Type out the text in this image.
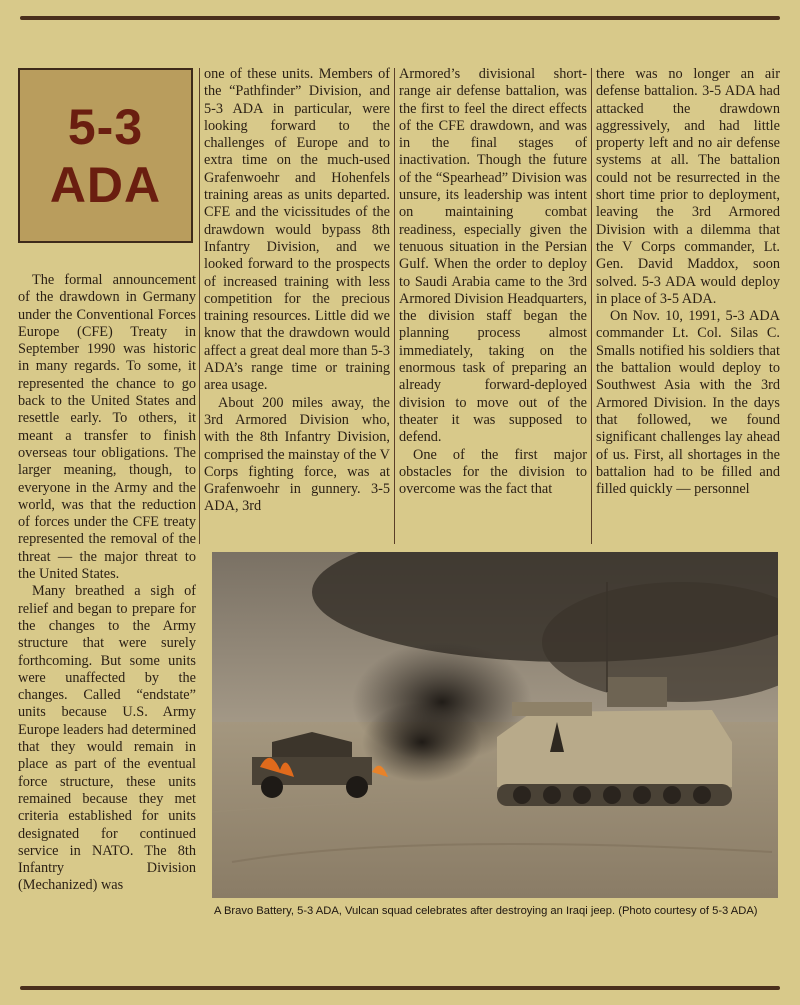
5-3
ADA

The formal announcement of the drawdown in Germany under the Conventional Forces Europe (CFE) Treaty in September 1990 was historic in many regards. To some, it represented the chance to go back to the United States and resettle early. To others, it meant a transfer to finish overseas tour obligations. The larger meaning, though, to everyone in the Army and the world, was that the reduction of forces under the CFE treaty represented the removal of the threat — the major threat to the United States.

Many breathed a sigh of relief and began to prepare for the changes to the Army structure that were surely forthcoming. But some units were unaffected by the changes. Called “endstate” units because U.S. Army Europe leaders had determined that they would remain in place as part of the eventual force structure, these units remained because they met criteria established for units designated for continued service in NATO. The 8th Infantry Division (Mechanized) was

one of these units. Members of the “Pathfinder” Division, and 5-3 ADA in particular, were looking forward to the challenges of Europe and to extra time on the much-used Grafenwoehr and Hohenfels training areas as units departed. CFE and the vicissitudes of the drawdown would bypass 8th Infantry Division, and we looked forward to the prospects of increased training with less competition for the precious training resources. Little did we know that the drawdown would affect a great deal more than 5-3 ADA’s range time or training area usage.

About 200 miles away, the 3rd Armored Division who, with the 8th Infantry Division, comprised the mainstay of the V Corps fighting force, was at Grafenwoehr in gunnery. 3-5 ADA, 3rd

Armored’s divisional short-range air defense battalion, was the first to feel the direct effects of the CFE drawdown, and was in the final stages of inactivation. Though the future of the “Spearhead” Division was unsure, its leadership was intent on maintaining combat readiness, especially given the tenuous situation in the Persian Gulf. When the order to deploy to Saudi Arabia came to the 3rd Armored Division Headquarters, the division staff began the planning process almost immediately, taking on the enormous task of preparing an already forward-deployed division to move out of the theater it was supposed to defend.

One of the first major obstacles for the division to overcome was the fact that

there was no longer an air defense battalion. 3-5 ADA had attacked the drawdown aggressively, and had little property left and no air defense systems at all. The battalion could not be resurrected in the short time prior to deployment, leaving the 3rd Armored Division with a dilemma that the V Corps commander, Lt. Gen. David Maddox, soon solved. 5-3 ADA would deploy in place of 3-5 ADA.

On Nov. 10, 1991, 5-3 ADA commander Lt. Col. Silas C. Smalls notified his soldiers that the battalion would deploy to Southwest Asia with the 3rd Armored Division. In the days that followed, we found significant challenges lay ahead of us. First, all shortages in the battalion had to be filled and filled quickly — personnel

A Bravo Battery, 5-3 ADA, Vulcan squad celebrates after destroying an Iraqi jeep. (Photo courtesy of 5-3 ADA)
